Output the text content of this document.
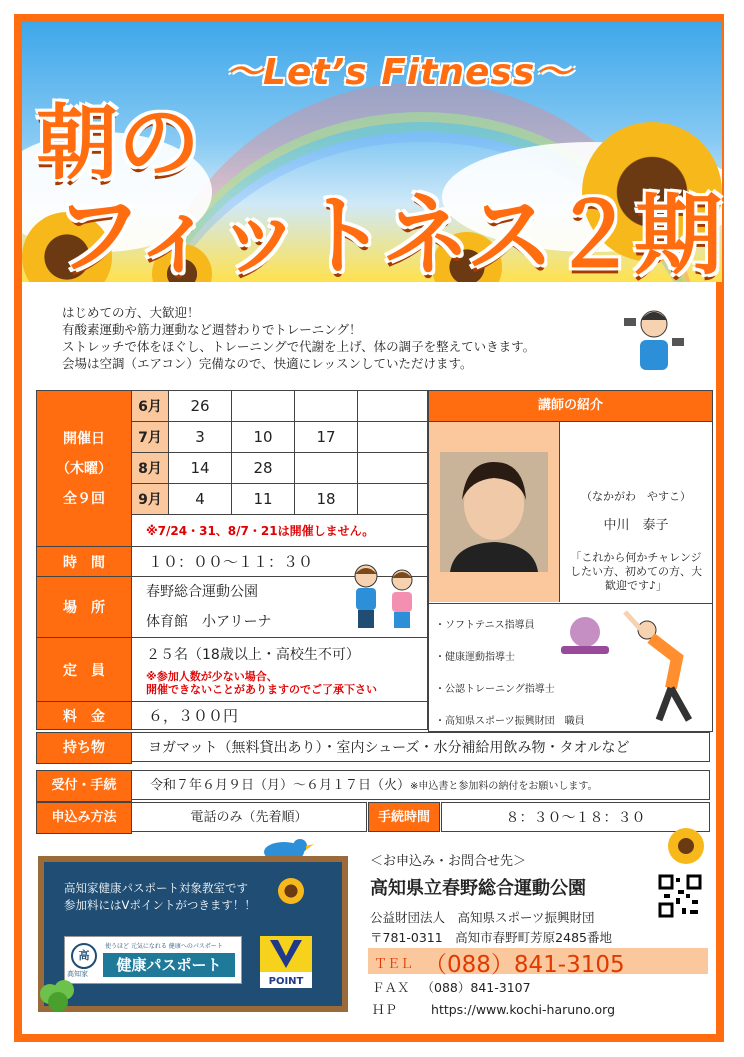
〜Let’s Fitness〜
朝の
フィットネス２期
はじめての方、大歓迎！
有酸素運動や筋力運動など週替わりでトレーニング！
ストレッチで体をほぐし、トレーニングで代謝を上げ、体の調子を整えていきます。
会場は空調（エアコン）完備なので、快適にレッスンしていただけます。
開催日
（木曜）
全９回	6月	26			
	7月	3	10	17	
	8月	14	28		
	9月	4	11	18	
	※7/24・31、8/7・21は開催しません。				
時　間	１０：００〜１１：３０				
場　所	春野総合運動公園
体育館　小アリーナ				

定　員	２５名（18歳以上・高校生不可）
※参加人数が少ない場合、
開催できないことがありますのでご了承下さい				

料　金	６，３００円				
講師の紹介
（なかがわ　やすこ）
中川　泰子
「これから何かチャレンジしたい方、初めての方、大歓迎です♪」
・ソフトテニス指導員
・健康運動指導士
・公認トレーニング指導士
・高知県スポーツ振興財団　職員
持ち物	ヨガマット（無料貸出あり）・室内シューズ・水分補給用飲み物・タオルなど
受付・手続	令和７年６月９日（月）〜６月１７日（火）※申込書と参加料の納付をお願いします。
申込み方法	電話のみ（先着順）	手続時間	８：３０〜１８：３０
高知家健康パスポート対象教室です
参加料にはVポイントがつきます！！
高
高知家
使うほど 元気になれる 健康へのパスポート
健康パスポート
POINT
＜お申込み・お問合せ先＞
高知県立春野総合運動公園
公益財団法人　高知県スポーツ振興財団
〒781-0311　高知市春野町芳原2485番地
ＴＥＬ （088）841-3105
ＦＡＸ （088）841-3107
ＨＰ	https://www.kochi-haruno.org
